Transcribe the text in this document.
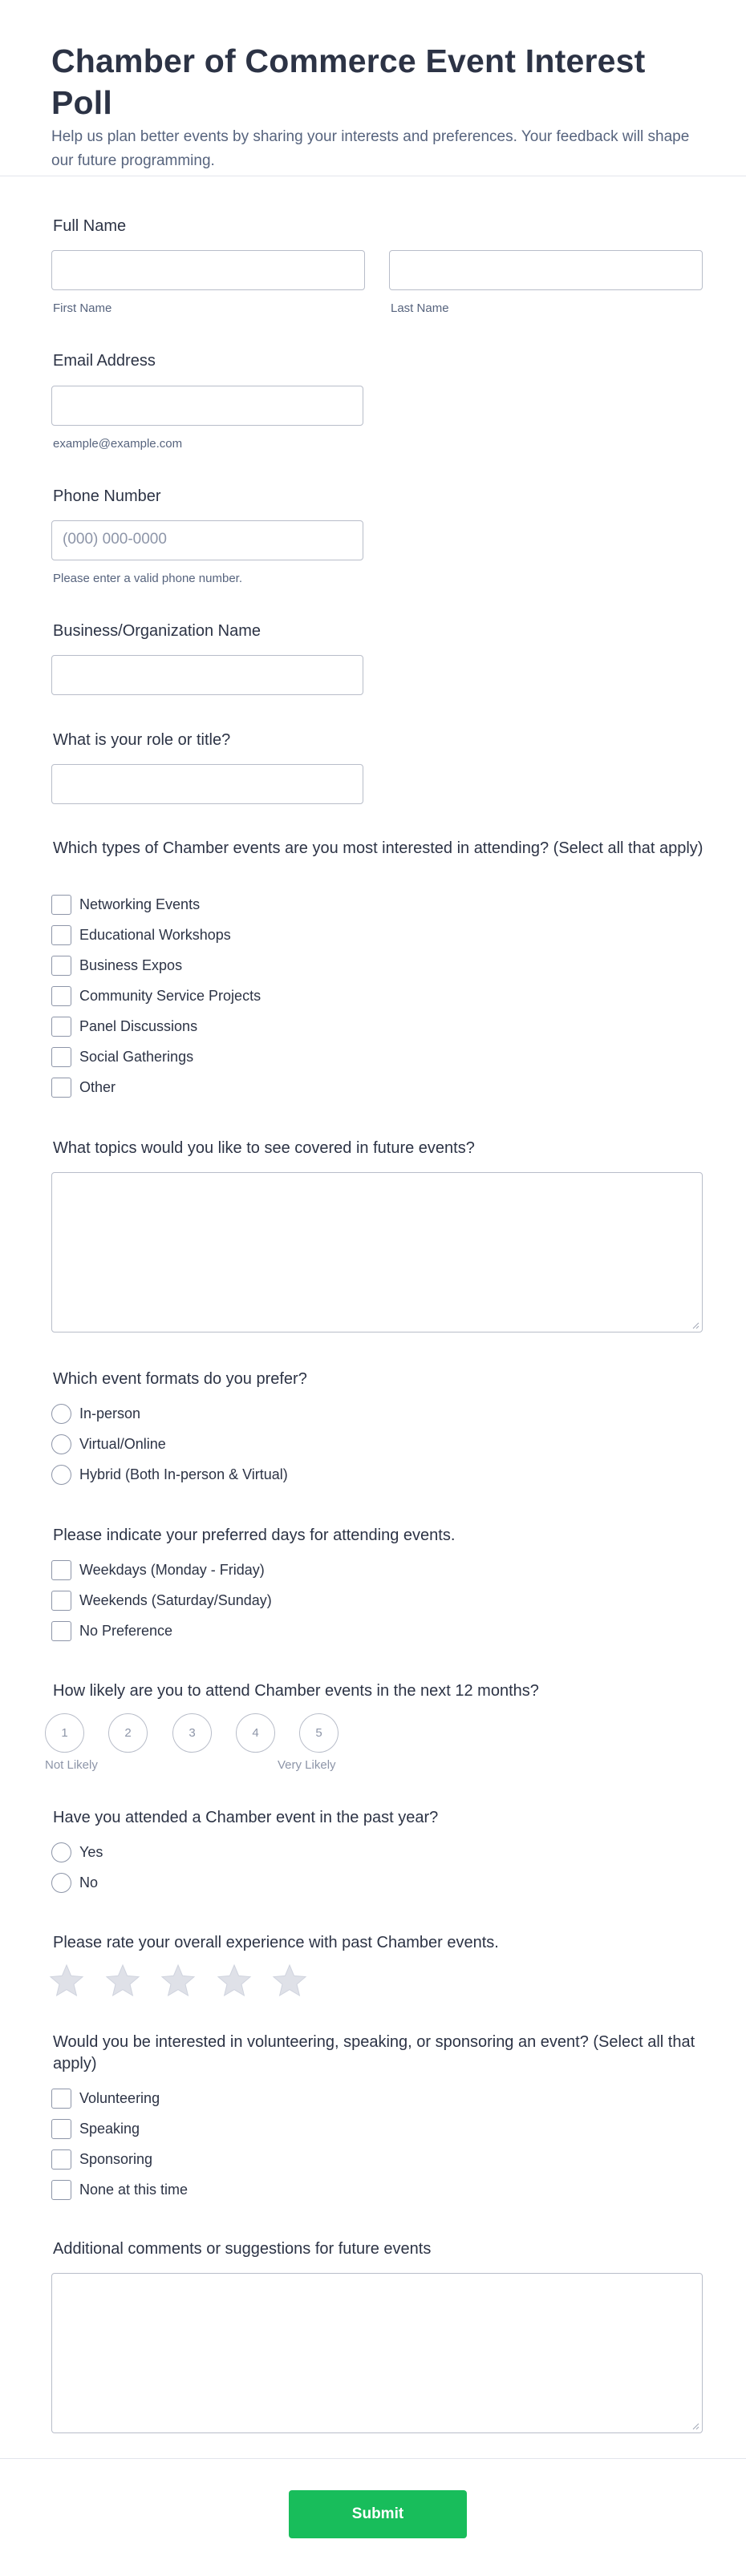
Chamber of Commerce Event Interest Poll

Help us plan better events by sharing your interests and preferences. Your feedback will shape our future programming.

Full Name
First Name	Last Name
Email Address
example@example.com
Phone Number
(000) 000-0000
Please enter a valid phone number.
Business/Organization Name
What is your role or title?
Which types of Chamber events are you most interested in attending? (Select all that apply)
Networking Events
Educational Workshops
Business Expos
Community Service Projects
Panel Discussions
Social Gatherings
Other
What topics would you like to see covered in future events?
Which event formats do you prefer?
In-person
Virtual/Online
Hybrid (Both In-person & Virtual)
Please indicate your preferred days for attending events.
Weekdays (Monday - Friday)
Weekends (Saturday/Sunday)
No Preference
How likely are you to attend Chamber events in the next 12 months?
1	2	3	4	5
Not Likely	Very Likely
Have you attended a Chamber event in the past year?
Yes
No
Please rate your overall experience with past Chamber events.
Would you be interested in volunteering, speaking, or sponsoring an event? (Select all that apply)
Volunteering
Speaking
Sponsoring
None at this time
Additional comments or suggestions for future events
Submit
